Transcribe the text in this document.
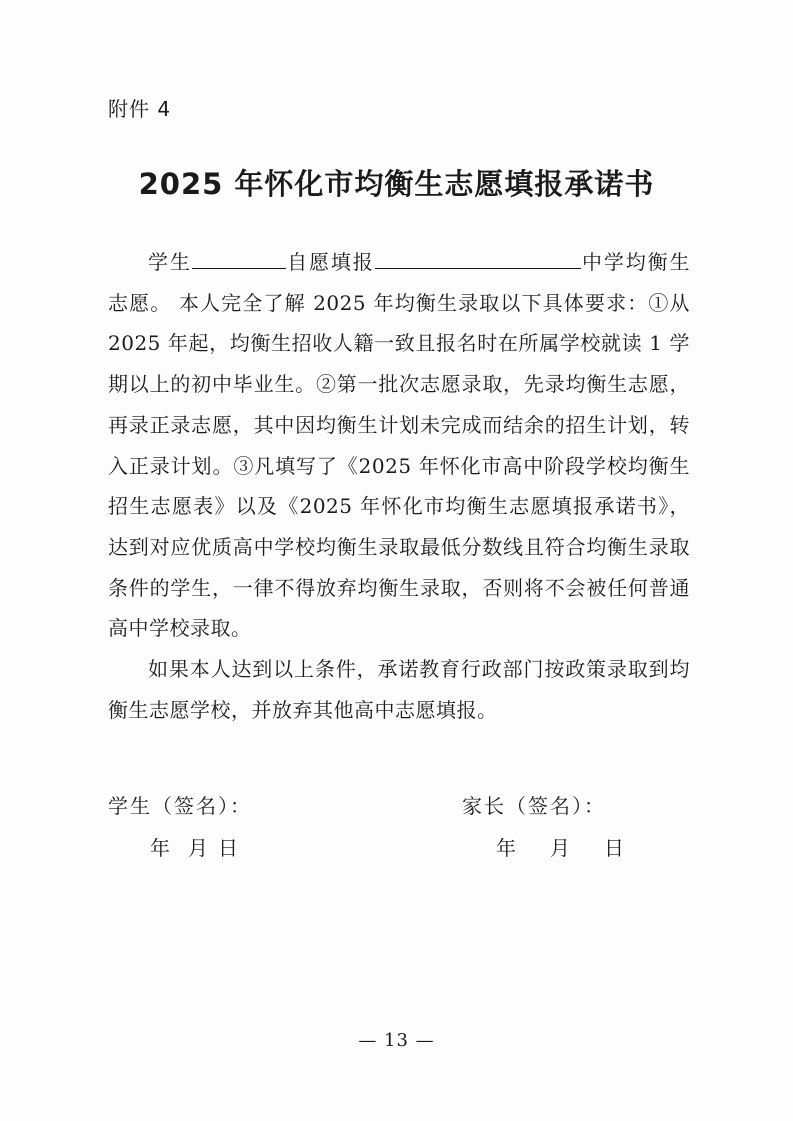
附件 4
2025 年怀化市均衡生志愿填报承诺书

学生	自愿填报	中学均衡生志愿。 本人完全了解 2025 年均衡生录取以下具体要求：①从 2025 年起，均衡生招收人籍一致且报名时在所属学校就读 1 学期以上的初中毕业生。②第一批次志愿录取，先录均衡生志愿，再录正录志愿，其中因均衡生计划未完成而结余的招生计划，转入正录计划。③凡填写了《2025 年怀化市高中阶段学校均衡生招生志愿表》以及《2025 年怀化市均衡生志愿填报承诺书》，达到对应优质高中学校均衡生录取最低分数线且符合均衡生录取条件的学生，一律不得放弃均衡生录取，否则将不会被任何普通高中学校录取。

如果本人达到以上条件，承诺教育行政部门按政策录取到均衡生志愿学校，并放弃其他高中志愿填报。

学生（签名）：	家长（签名）：
年 月 日	年 月 日
— 13 —
